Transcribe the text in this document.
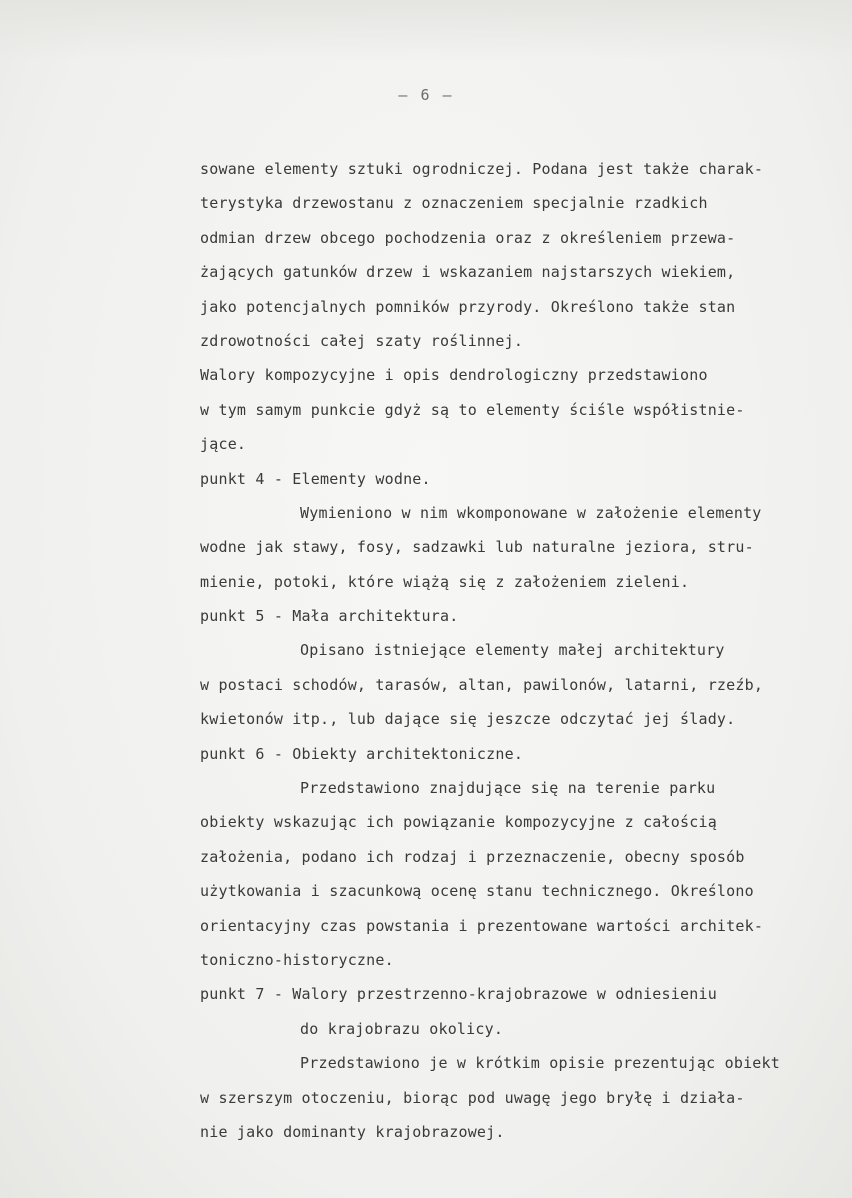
– 6 –
sowane elementy sztuki ogrodniczej. Podana jest także charak-
terystyka drzewostanu z oznaczeniem specjalnie rzadkich
odmian drzew obcego pochodzenia oraz z określeniem przewa-
żających gatunków drzew i wskazaniem najstarszych wiekiem,
jako potencjalnych pomników przyrody. Określono także stan
zdrowotności całej szaty roślinnej.
Walory kompozycyjne i opis dendrologiczny przedstawiono
w tym samym punkcie gdyż są to elementy ściśle współistnie-
jące.
punkt 4 - Elementy wodne.
Wymieniono w nim wkomponowane w założenie elementy
wodne jak stawy, fosy, sadzawki lub naturalne jeziora, stru-
mienie, potoki, które wiążą się z założeniem zieleni.
punkt 5 - Mała architektura.
Opisano istniejące elementy małej architektury
w postaci schodów, tarasów, altan, pawilonów, latarni, rzeźb,
kwietonów itp., lub dające się jeszcze odczytać jej ślady.
punkt 6 - Obiekty architektoniczne.
Przedstawiono znajdujące się na terenie parku
obiekty wskazując ich powiązanie kompozycyjne z całością
założenia, podano ich rodzaj i przeznaczenie, obecny sposób
użytkowania i szacunkową ocenę stanu technicznego. Określono
orientacyjny czas powstania i prezentowane wartości architek-
toniczno-historyczne.
punkt 7 - Walory przestrzenno-krajobrazowe w odniesieniu
do krajobrazu okolicy.
Przedstawiono je w krótkim opisie prezentując obiekt
w szerszym otoczeniu, biorąc pod uwagę jego bryłę i działa-
nie jako dominanty krajobrazowej.
